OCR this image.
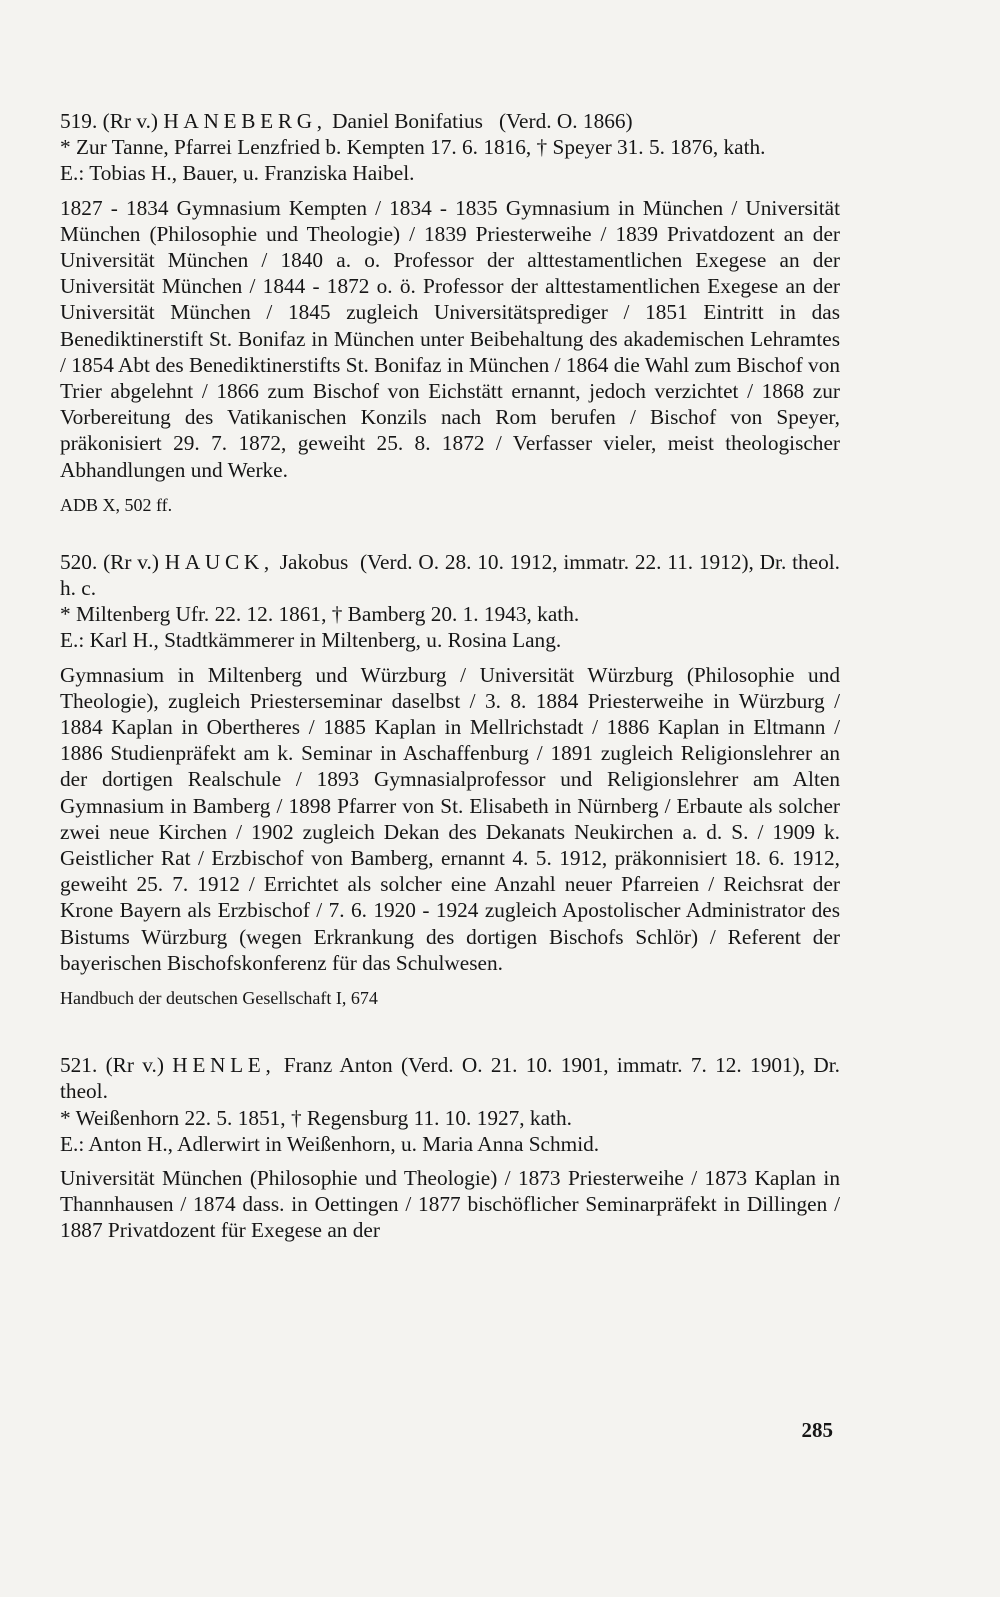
519. (Rr v.) HANEBERG, Daniel Bonifatius (Verd. O. 1866)

* Zur Tanne, Pfarrei Lenzfried b. Kempten 17. 6. 1816, † Speyer 31. 5. 1876, kath.

E.: Tobias H., Bauer, u. Franziska Haibel.

1827 - 1834 Gymnasium Kempten / 1834 - 1835 Gymnasium in München / Universität München (Philosophie und Theologie) / 1839 Priesterweihe / 1839 Privatdozent an der Universität München / 1840 a. o. Professor der alttestamentlichen Exegese an der Universität München / 1844 - 1872 o. ö. Professor der alttestamentlichen Exegese an der Universität München / 1845 zugleich Universitätsprediger / 1851 Eintritt in das Benediktinerstift St. Bonifaz in München unter Beibehaltung des akademischen Lehramtes / 1854 Abt des Benediktinerstifts St. Bonifaz in München / 1864 die Wahl zum Bischof von Trier abgelehnt / 1866 zum Bischof von Eichstätt ernannt, jedoch verzichtet / 1868 zur Vorbereitung des Vatikanischen Konzils nach Rom berufen / Bischof von Speyer, präkonisiert 29. 7. 1872, geweiht 25. 8. 1872 / Verfasser vieler, meist theologischer Abhandlungen und Werke.

ADB X, 502 ff.

520. (Rr v.) HAUCK, Jakobus (Verd. O. 28. 10. 1912, immatr. 22. 11. 1912), Dr. theol. h. c.

* Miltenberg Ufr. 22. 12. 1861, † Bamberg 20. 1. 1943, kath.

E.: Karl H., Stadtkämmerer in Miltenberg, u. Rosina Lang.

Gymnasium in Miltenberg und Würzburg / Universität Würzburg (Philosophie und Theologie), zugleich Priesterseminar daselbst / 3. 8. 1884 Priesterweihe in Würzburg / 1884 Kaplan in Obertheres / 1885 Kaplan in Mellrichstadt / 1886 Kaplan in Eltmann / 1886 Studienpräfekt am k. Seminar in Aschaffenburg / 1891 zugleich Religionslehrer an der dortigen Realschule / 1893 Gymnasialprofessor und Religionslehrer am Alten Gymnasium in Bamberg / 1898 Pfarrer von St. Elisabeth in Nürnberg / Erbaute als solcher zwei neue Kirchen / 1902 zugleich Dekan des Dekanats Neukirchen a. d. S. / 1909 k. Geistlicher Rat / Erzbischof von Bamberg, ernannt 4. 5. 1912, präkonnisiert 18. 6. 1912, geweiht 25. 7. 1912 / Errichtet als solcher eine Anzahl neuer Pfarreien / Reichsrat der Krone Bayern als Erzbischof / 7. 6. 1920 - 1924 zugleich Apostolischer Administrator des Bistums Würzburg (wegen Erkrankung des dortigen Bischofs Schlör) / Referent der bayerischen Bischofskonferenz für das Schulwesen.

Handbuch der deutschen Gesellschaft I, 674

521. (Rr v.) HENLE, Franz Anton (Verd. O. 21. 10. 1901, immatr. 7. 12. 1901), Dr. theol.

* Weißenhorn 22. 5. 1851, † Regensburg 11. 10. 1927, kath.

E.: Anton H., Adlerwirt in Weißenhorn, u. Maria Anna Schmid.

Universität München (Philosophie und Theologie) / 1873 Priesterweihe / 1873 Kaplan in Thannhausen / 1874 dass. in Oettingen / 1877 bischöflicher Seminarpräfekt in Dillingen / 1887 Privatdozent für Exegese an der

285
